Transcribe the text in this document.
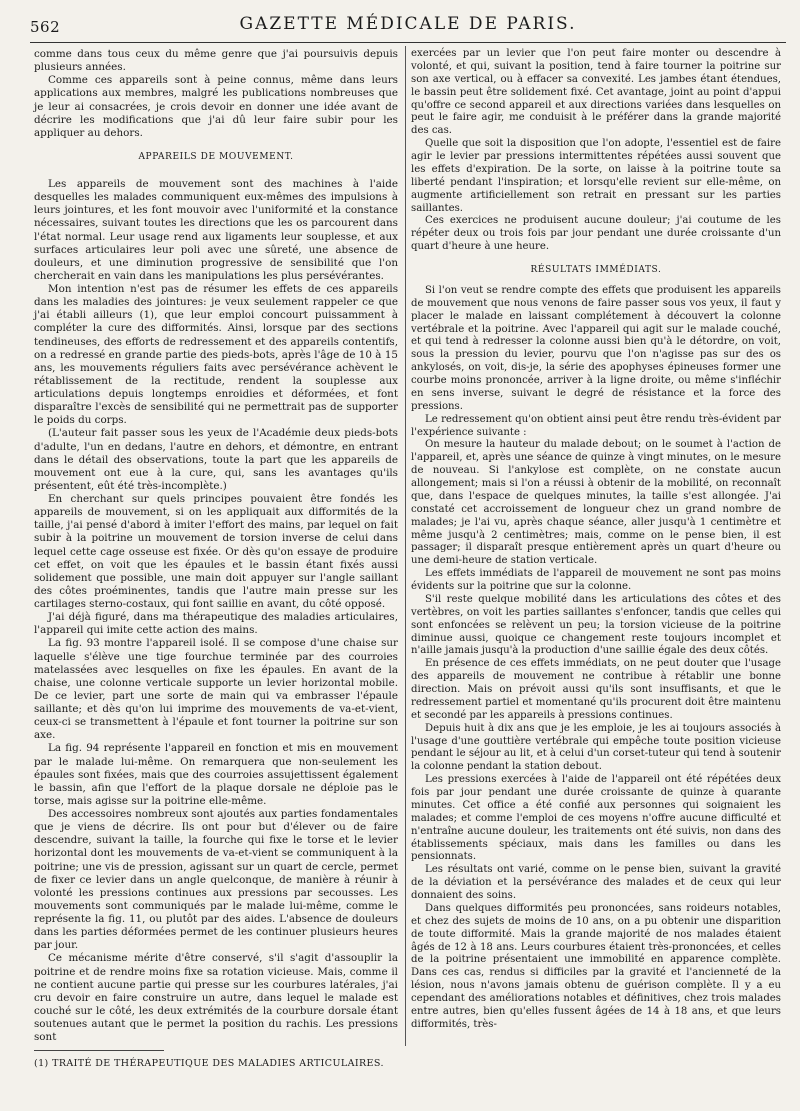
562	GAZETTE MÉDICALE DE PARIS.

comme dans tous ceux du même genre que j'ai poursuivis depuis plusieurs années.

Comme ces appareils sont à peine connus, même dans leurs applications aux membres, malgré les publications nombreuses que je leur ai consacrées, je crois devoir en donner une idée avant de décrire les modifications que j'ai dû leur faire subir pour les appliquer au dehors.

APPAREILS DE MOUVEMENT.

Les appareils de mouvement sont des machines à l'aide desquelles les malades communiquent eux-mêmes des impulsions à leurs jointures, et les font mouvoir avec l'uniformité et la constance nécessaires, suivant toutes les directions que les os parcourent dans l'état normal. Leur usage rend aux ligaments leur souplesse, et aux surfaces articulaires leur poli avec une sûreté, une absence de douleurs, et une diminution progressive de sensibilité que l'on chercherait en vain dans les manipulations les plus persévérantes.

Mon intention n'est pas de résumer les effets de ces appareils dans les maladies des jointures: je veux seulement rappeler ce que j'ai établi ailleurs (1), que leur emploi concourt puissamment à compléter la cure des difformités. Ainsi, lorsque par des sections tendineuses, des efforts de redressement et des appareils contentifs, on a redressé en grande partie des pieds-bots, après l'âge de 10 à 15 ans, les mouvements réguliers faits avec persévérance achèvent le rétablissement de la rectitude, rendent la souplesse aux articulations depuis longtemps enroidies et déformées, et font disparaître l'excès de sensibilité qui ne permettrait pas de supporter le poids du corps.

(L'auteur fait passer sous les yeux de l'Académie deux pieds-bots d'adulte, l'un en dedans, l'autre en dehors, et démontre, en entrant dans le détail des observations, toute la part que les appareils de mouvement ont eue à la cure, qui, sans les avantages qu'ils présentent, eût été très-incomplète.)

En cherchant sur quels principes pouvaient être fondés les appareils de mouvement, si on les appliquait aux difformités de la taille, j'ai pensé d'abord à imiter l'effort des mains, par lequel on fait subir à la poitrine un mouvement de torsion inverse de celui dans lequel cette cage osseuse est fixée. Or dès qu'on essaye de produire cet effet, on voit que les épaules et le bassin étant fixés aussi solidement que possible, une main doit appuyer sur l'angle saillant des côtes proéminentes, tandis que l'autre main presse sur les cartilages sterno-costaux, qui font saillie en avant, du côté opposé.

J'ai déjà figuré, dans ma thérapeutique des maladies articulaires, l'appareil qui imite cette action des mains.

La fig. 93 montre l'appareil isolé. Il se compose d'une chaise sur laquelle s'élève une tige fourchue terminée par des courroies matelassées avec lesquelles on fixe les épaules. En avant de la chaise, une colonne verticale supporte un levier horizontal mobile. De ce levier, part une sorte de main qui va embrasser l'épaule saillante; et dès qu'on lui imprime des mouvements de va-et-vient, ceux-ci se transmettent à l'épaule et font tourner la poitrine sur son axe.

La fig. 94 représente l'appareil en fonction et mis en mouvement par le malade lui-même. On remarquera que non-seulement les épaules sont fixées, mais que des courroies assujettissent également le bassin, afin que l'effort de la plaque dorsale ne déploie pas le torse, mais agisse sur la poitrine elle-même.

Des accessoires nombreux sont ajoutés aux parties fondamentales que je viens de décrire. Ils ont pour but d'élever ou de faire descendre, suivant la taille, la fourche qui fixe le torse et le levier horizontal dont les mouvements de va-et-vient se communiquent à la poitrine; une vis de pression, agissant sur un quart de cercle, permet de fixer ce levier dans un angle quelconque, de manière à réunir à volonté les pressions continues aux pressions par secousses. Les mouvements sont communiqués par le malade lui-même, comme le représente la fig. 11, ou plutôt par des aides. L'absence de douleurs dans les parties déformées permet de les continuer plusieurs heures par jour.

Ce mécanisme mérite d'être conservé, s'il s'agit d'assouplir la poitrine et de rendre moins fixe sa rotation vicieuse. Mais, comme il ne contient aucune partie qui presse sur les courbures latérales, j'ai cru devoir en faire construire un autre, dans lequel le malade est couché sur le côté, les deux extrémités de la courbure dorsale étant soutenues autant que le permet la position du rachis. Les pressions sont

exercées par un levier que l'on peut faire monter ou descendre à volonté, et qui, suivant la position, tend à faire tourner la poitrine sur son axe vertical, ou à effacer sa convexité. Les jambes étant étendues, le bassin peut être solidement fixé. Cet avantage, joint au point d'appui qu'offre ce second appareil et aux directions variées dans lesquelles on peut le faire agir, me conduisit à le préférer dans la grande majorité des cas.

Quelle que soit la disposition que l'on adopte, l'essentiel est de faire agir le levier par pressions intermittentes répétées aussi souvent que les effets d'expiration. De la sorte, on laisse à la poitrine toute sa liberté pendant l'inspiration; et lorsqu'elle revient sur elle-même, on augmente artificiellement son retrait en pressant sur les parties saillantes.

Ces exercices ne produisent aucune douleur; j'ai coutume de les répéter deux ou trois fois par jour pendant une durée croissante d'un quart d'heure à une heure.

RÉSULTATS IMMÉDIATS.

Si l'on veut se rendre compte des effets que produisent les appareils de mouvement que nous venons de faire passer sous vos yeux, il faut y placer le malade en laissant complétement à découvert la colonne vertébrale et la poitrine. Avec l'appareil qui agit sur le malade couché, et qui tend à redresser la colonne aussi bien qu'à le détordre, on voit, sous la pression du levier, pourvu que l'on n'agisse pas sur des os ankylosés, on voit, dis-je, la série des apophyses épineuses former une courbe moins prononcée, arriver à la ligne droite, ou même s'infléchir en sens inverse, suivant le degré de résistance et la force des pressions.

Le redressement qu'on obtient ainsi peut être rendu très-évident par l'expérience suivante :

On mesure la hauteur du malade debout; on le soumet à l'action de l'appareil, et, après une séance de quinze à vingt minutes, on le mesure de nouveau. Si l'ankylose est complète, on ne constate aucun allongement; mais si l'on a réussi à obtenir de la mobilité, on reconnaît que, dans l'espace de quelques minutes, la taille s'est allongée. J'ai constaté cet accroissement de longueur chez un grand nombre de malades; je l'ai vu, après chaque séance, aller jusqu'à 1 centimètre et même jusqu'à 2 centimètres; mais, comme on le pense bien, il est passager; il disparaît presque entièrement après un quart d'heure ou une demi-heure de station verticale.

Les effets immédiats de l'appareil de mouvement ne sont pas moins évidents sur la poitrine que sur la colonne.

S'il reste quelque mobilité dans les articulations des côtes et des vertèbres, on voit les parties saillantes s'enfoncer, tandis que celles qui sont enfoncées se relèvent un peu; la torsion vicieuse de la poitrine diminue aussi, quoique ce changement reste toujours incomplet et n'aille jamais jusqu'à la production d'une saillie égale des deux côtés.

En présence de ces effets immédiats, on ne peut douter que l'usage des appareils de mouvement ne contribue à rétablir une bonne direction. Mais on prévoit aussi qu'ils sont insuffisants, et que le redressement partiel et momentané qu'ils procurent doit être maintenu et secondé par les appareils à pressions continues.

Depuis huit à dix ans que je les emploie, je les ai toujours associés à l'usage d'une gouttière vertébrale qui empêche toute position vicieuse pendant le séjour au lit, et à celui d'un corset-tuteur qui tend à soutenir la colonne pendant la station debout.

Les pressions exercées à l'aide de l'appareil ont été répétées deux fois par jour pendant une durée croissante de quinze à quarante minutes. Cet office a été confié aux personnes qui soignaient les malades; et comme l'emploi de ces moyens n'offre aucune difficulté et n'entraîne aucune douleur, les traitements ont été suivis, non dans des établissements spéciaux, mais dans les familles ou dans les pensionnats.

Les résultats ont varié, comme on le pense bien, suivant la gravité de la déviation et la persévérance des malades et de ceux qui leur donnaient des soins.

Dans quelques difformités peu prononcées, sans roideurs notables, et chez des sujets de moins de 10 ans, on a pu obtenir une disparition de toute difformité. Mais la grande majorité de nos malades étaient âgés de 12 à 18 ans. Leurs courbures étaient très-prononcées, et celles de la poitrine présentaient une immobilité en apparence complète. Dans ces cas, rendus si difficiles par la gravité et l'ancienneté de la lésion, nous n'avons jamais obtenu de guérison complète. Il y a eu cependant des améliorations notables et définitives, chez trois malades entre autres, bien qu'elles fussent âgées de 14 à 18 ans, et que leurs difformités, très-

(1) TRAITÉ DE THÉRAPEUTIQUE DES MALADIES ARTICULAIRES.
